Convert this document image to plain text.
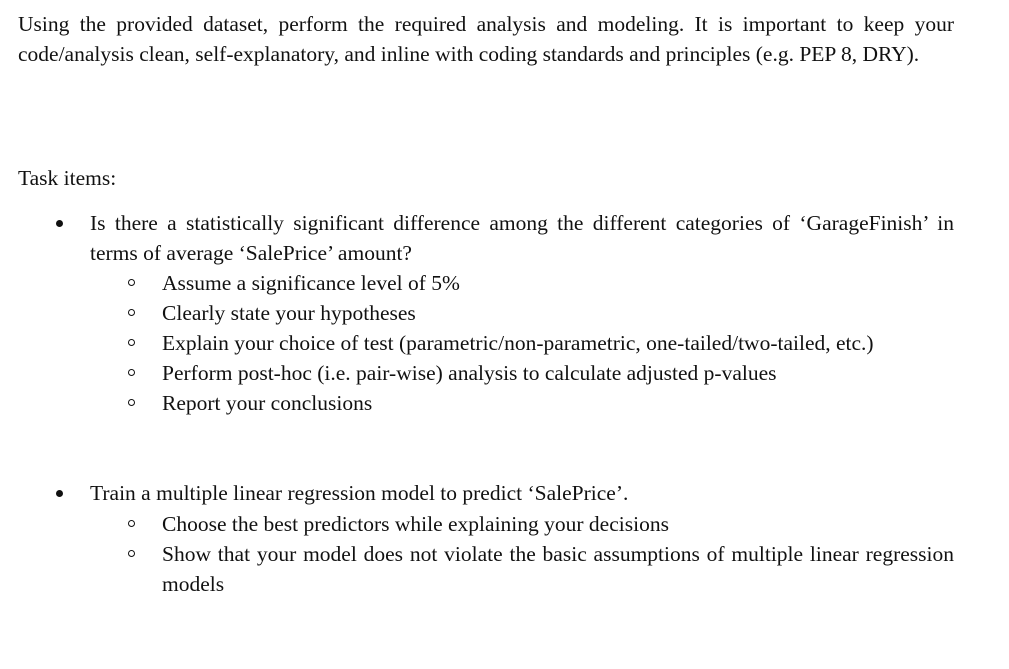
Using the provided dataset, perform the required analysis and modeling. It is important to keep your code/analysis clean, self-explanatory, and inline with coding standards and principles (e.g. PEP 8, DRY).

Task items:

Is there a statistically significant difference among the different categories of ‘GarageFinish’ in terms of average ‘SalePrice’ amount?

Assume a significance level of 5%
Clearly state your hypotheses
Explain your choice of test (parametric/non-parametric, one-tailed/two-tailed, etc.)
Perform post-hoc (i.e. pair-wise) analysis to calculate adjusted p-values
Report your conclusions

Train a multiple linear regression model to predict ‘SalePrice’.

Choose the best predictors while explaining your decisions
Show that your model does not violate the basic assumptions of multiple linear regression models
